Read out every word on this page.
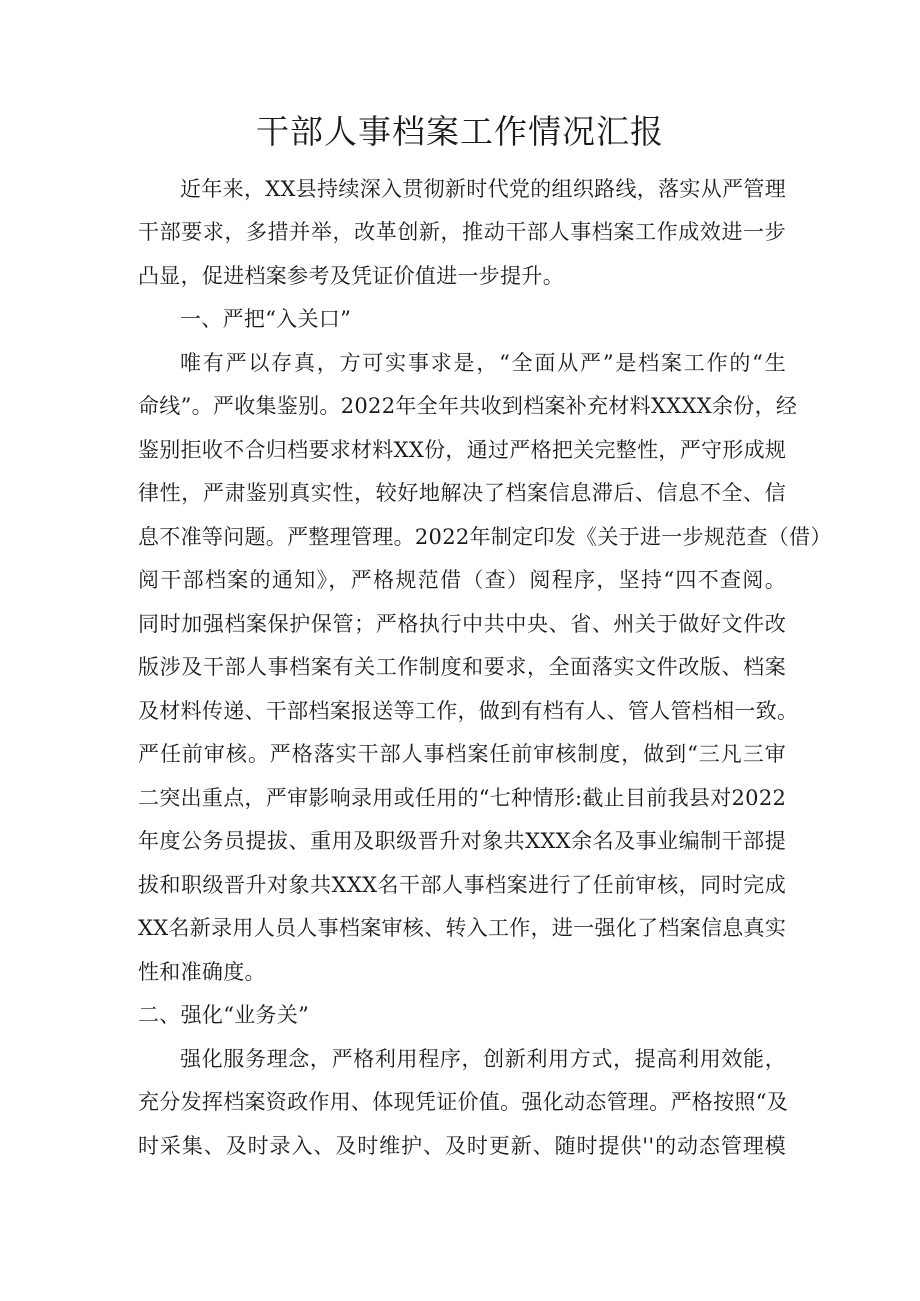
干部人事档案工作情况汇报
近年来，XX县持续深入贯彻新时代党的组织路线，落实从严管理
干部要求，多措并举，改革创新，推动干部人事档案工作成效进一步
凸显，促进档案参考及凭证价值进一步提升。
一、严把“入关口”
唯有严以存真，方可实事求是，“全面从严”是档案工作的“生
命线”。严收集鉴别。2022年全年共收到档案补充材料XXXX余份，经
鉴别拒收不合归档要求材料XX份，通过严格把关完整性，严守形成规
律性，严肃鉴别真实性，较好地解决了档案信息滞后、信息不全、信
息不准等问题。严整理管理。2022年制定印发《关于进一步规范查（借）
阅干部档案的通知》，严格规范借（查）阅程序，坚持“四不查阅。
同时加强档案保护保管；严格执行中共中央、省、州关于做好文件改
版涉及干部人事档案有关工作制度和要求，全面落实文件改版、档案
及材料传递、干部档案报送等工作，做到有档有人、管人管档相一致。
严任前审核。严格落实干部人事档案任前审核制度，做到“三凡三审
二突出重点，严审影响录用或任用的“七种情形:截止目前我县对2022
年度公务员提拔、重用及职级晋升对象共XXX余名及事业编制干部提
拔和职级晋升对象共XXX名干部人事档案进行了任前审核，同时完成
XX名新录用人员人事档案审核、转入工作，进一强化了档案信息真实
性和准确度。
二、强化“业务关”
强化服务理念，严格利用程序，创新利用方式，提高利用效能，
充分发挥档案资政作用、体现凭证价值。强化动态管理。严格按照“及
时采集、及时录入、及时维护、及时更新、随时提供''的动态管理模
